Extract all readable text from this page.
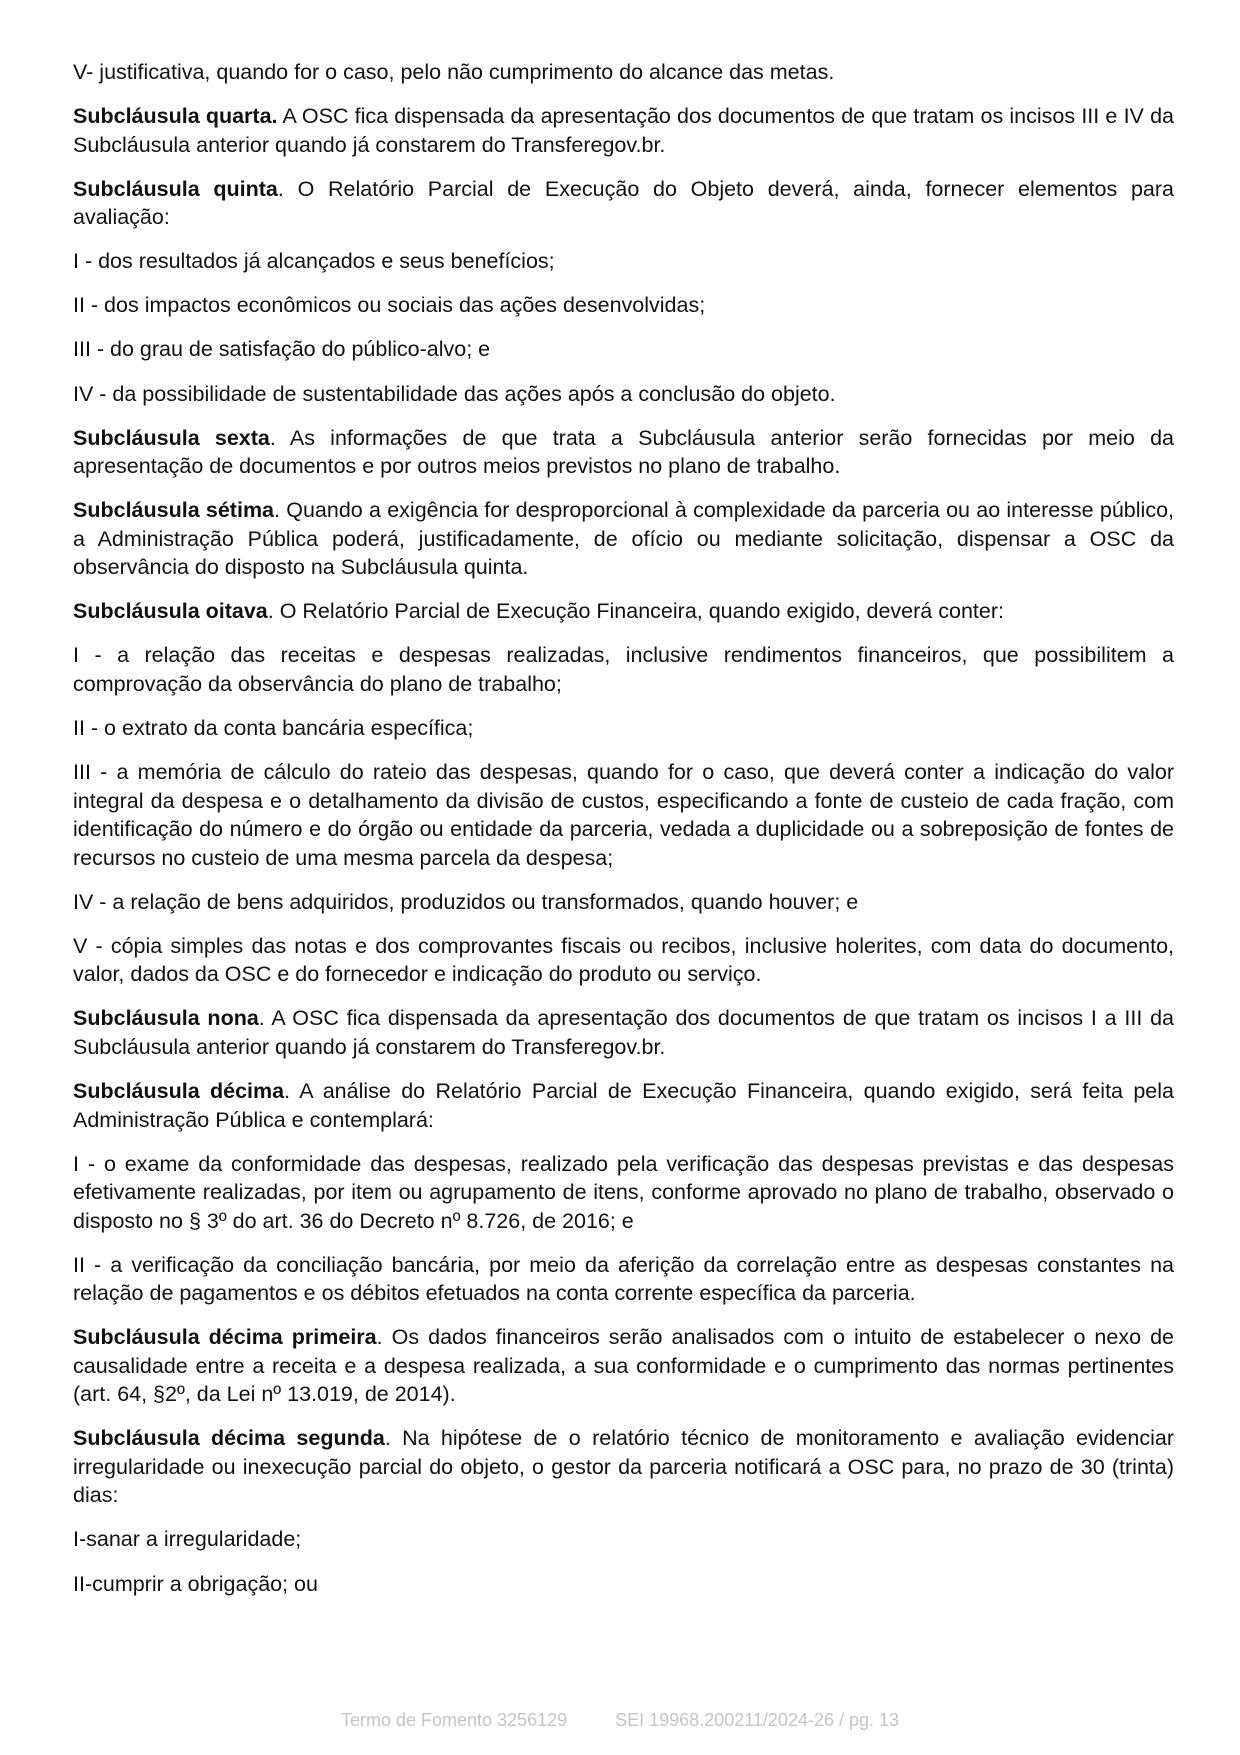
V- justificativa, quando for o caso, pelo não cumprimento do alcance das metas.

Subcláusula quarta. A OSC fica dispensada da apresentação dos documentos de que tratam os incisos III e IV da Subcláusula anterior quando já constarem do Transferegov.br.

Subcláusula quinta. O Relatório Parcial de Execução do Objeto deverá, ainda, fornecer elementos para avaliação:

I - dos resultados já alcançados e seus benefícios;

II - dos impactos econômicos ou sociais das ações desenvolvidas;

III - do grau de satisfação do público-alvo; e

IV - da possibilidade de sustentabilidade das ações após a conclusão do objeto.

Subcláusula sexta. As informações de que trata a Subcláusula anterior serão fornecidas por meio da apresentação de documentos e por outros meios previstos no plano de trabalho.

Subcláusula sétima. Quando a exigência for desproporcional à complexidade da parceria ou ao interesse público, a Administração Pública poderá, justificadamente, de ofício ou mediante solicitação, dispensar a OSC da observância do disposto na Subcláusula quinta.

Subcláusula oitava. O Relatório Parcial de Execução Financeira, quando exigido, deverá conter:

I - a relação das receitas e despesas realizadas, inclusive rendimentos financeiros, que possibilitem a comprovação da observância do plano de trabalho;

II - o extrato da conta bancária específica;

III - a memória de cálculo do rateio das despesas, quando for o caso, que deverá conter a indicação do valor integral da despesa e o detalhamento da divisão de custos, especificando a fonte de custeio de cada fração, com identificação do número e do órgão ou entidade da parceria, vedada a duplicidade ou a sobreposição de fontes de recursos no custeio de uma mesma parcela da despesa;

IV - a relação de bens adquiridos, produzidos ou transformados, quando houver; e

V - cópia simples das notas e dos comprovantes fiscais ou recibos, inclusive holerites, com data do documento, valor, dados da OSC e do fornecedor e indicação do produto ou serviço.

Subcláusula nona. A OSC fica dispensada da apresentação dos documentos de que tratam os incisos I a III da Subcláusula anterior quando já constarem do Transferegov.br.

Subcláusula décima. A análise do Relatório Parcial de Execução Financeira, quando exigido, será feita pela Administração Pública e contemplará:

I - o exame da conformidade das despesas, realizado pela verificação das despesas previstas e das despesas efetivamente realizadas, por item ou agrupamento de itens, conforme aprovado no plano de trabalho, observado o disposto no § 3º do art. 36 do Decreto nº 8.726, de 2016; e

II - a verificação da conciliação bancária, por meio da aferição da correlação entre as despesas constantes na relação de pagamentos e os débitos efetuados na conta corrente específica da parceria.

Subcláusula décima primeira. Os dados financeiros serão analisados com o intuito de estabelecer o nexo de causalidade entre a receita e a despesa realizada, a sua conformidade e o cumprimento das normas pertinentes (art. 64, §2º, da Lei nº 13.019, de 2014).

Subcláusula décima segunda. Na hipótese de o relatório técnico de monitoramento e avaliação evidenciar irregularidade ou inexecução parcial do objeto, o gestor da parceria notificará a OSC para, no prazo de 30 (trinta) dias:

I-sanar a irregularidade;

II-cumprir a obrigação; ou

Termo de Fomento 3256129	SEI 19968.200211/2024-26 / pg. 13
